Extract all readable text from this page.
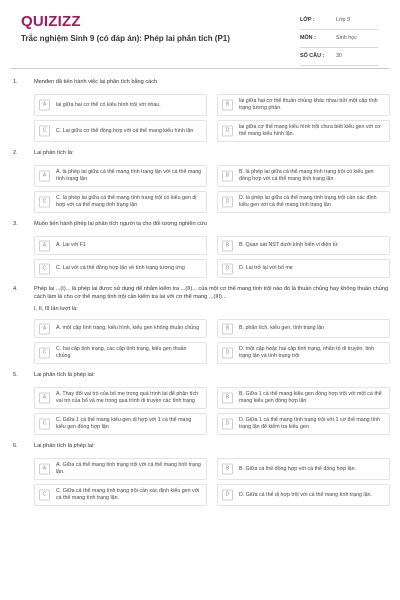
QUIZIZZ
Trắc nghiệm Sinh 9 (có đáp án): Phép lai phân tích (P1)
LỚP :	Lớp 9
MÔN :	Sinh học
SỐ CÂU : 30
1.	Menđen đã tiến hành việc lai phân tích bằng cách
A	lai giữa hai cơ thể có kiểu hình trội với nhau.	B
lai giữa hai cơ thể thuần chủng khác nhau bởi một cặp tính trạng tương phản.
C	C. Lai giữa cơ thể đồng hợp với cá thể mang kiểu hình lặn	D
lai giữa cơ thể mang kiểu hình trội chưa biết kiểu gen với cơ thể mang kiểu hình lặn.
2.	Lai phân tích là:
A
A. là phép lai giữa cá thể mang tính trạng lặn với cá thể mang tính trạng lặn
B
B. là phép lai giữa cá thể mang tính trạng trội có kiểu gen đồng hợp với cá thể mang tính trạng lặn
C
C. là phép lai giữa cá thể mang tính trạng trội có kiểu gen dị hợp với cá thể mang tính trạng lặn
D
D. là phép lai giữa cá thể mang tính trạng trội cần xác định kiểu gen với cá thể mang tính trạng lặn
3.	Muốn tiến hành phép lai phân tích người ta cho đối tượng nghiên cứu
A	A. Lai với F1	B	B. Quan sát NST dưới kính hiển vi điện tử
C	C. Lai với cá thể đồng hợp lặn về tính trạng tương ứng	D	D. Lai trở lại với bố mẹ
4.	Phép lai ...(I)... là phép lai được sử dụng để nhằm kiểm tra ...(II)... của một cơ thể mang tính trội nào đó là thuần chủng hay không thuần chủng cách làm là cho cơ thể mang tính trội cần kiểm tra lai với cơ thể mang ...(III)...
I, II, III lần lượt là:
A	A. một cặp tính trạng, kiểu hình, kiểu gen không thuần chủng	B	B. phân tích, kiểu gen, tính trạng lặn
C
C. hai cặp tính trạng, các cặp tính trạng, kiểu gen thuần chủng
D
D. một cặp hoặc hai cặp tính trạng, nhân tố di truyền, tính trạng lặn và tính trạng trội
5.	Lai phân tích là phép lai:
A
A. Thay đổi vai trò của bố mẹ trong quá trình lai để phân tích vai trò của bố và mẹ trong quá trình di truyền các tính trạng
B
B. Giữa 1 cá thể mang kiểu gen đồng hợp trội với một cá thể mang kiểu gen đồng hợp lặn
C
C. Giữa 1 cá thể mang kiểu gen dị hợp với 1 cá thể mang kiểu gen đồng hợp lặn
D
D. Giữa 1 cá thể mang tính trạng trội với 1 cơ thể mang tính trạng lặn để kiểm tra kiểu gen
6.	Lai phân tích là phép lai:
A
A. Giữa cá thể mang tính trạng trội với cá thể mang tính trạng lặn.
B	B. Giữa cá thể đồng hợp với cá thể đồng hợp lặn.
C
C. Giữa cá thể mang tính trạng trội cần xác định kiểu gen với cá thể mang tính trạng lặn.
D	D. Giữa cá thể dị hợp trội với cá thể mang tính trạng lặn.
